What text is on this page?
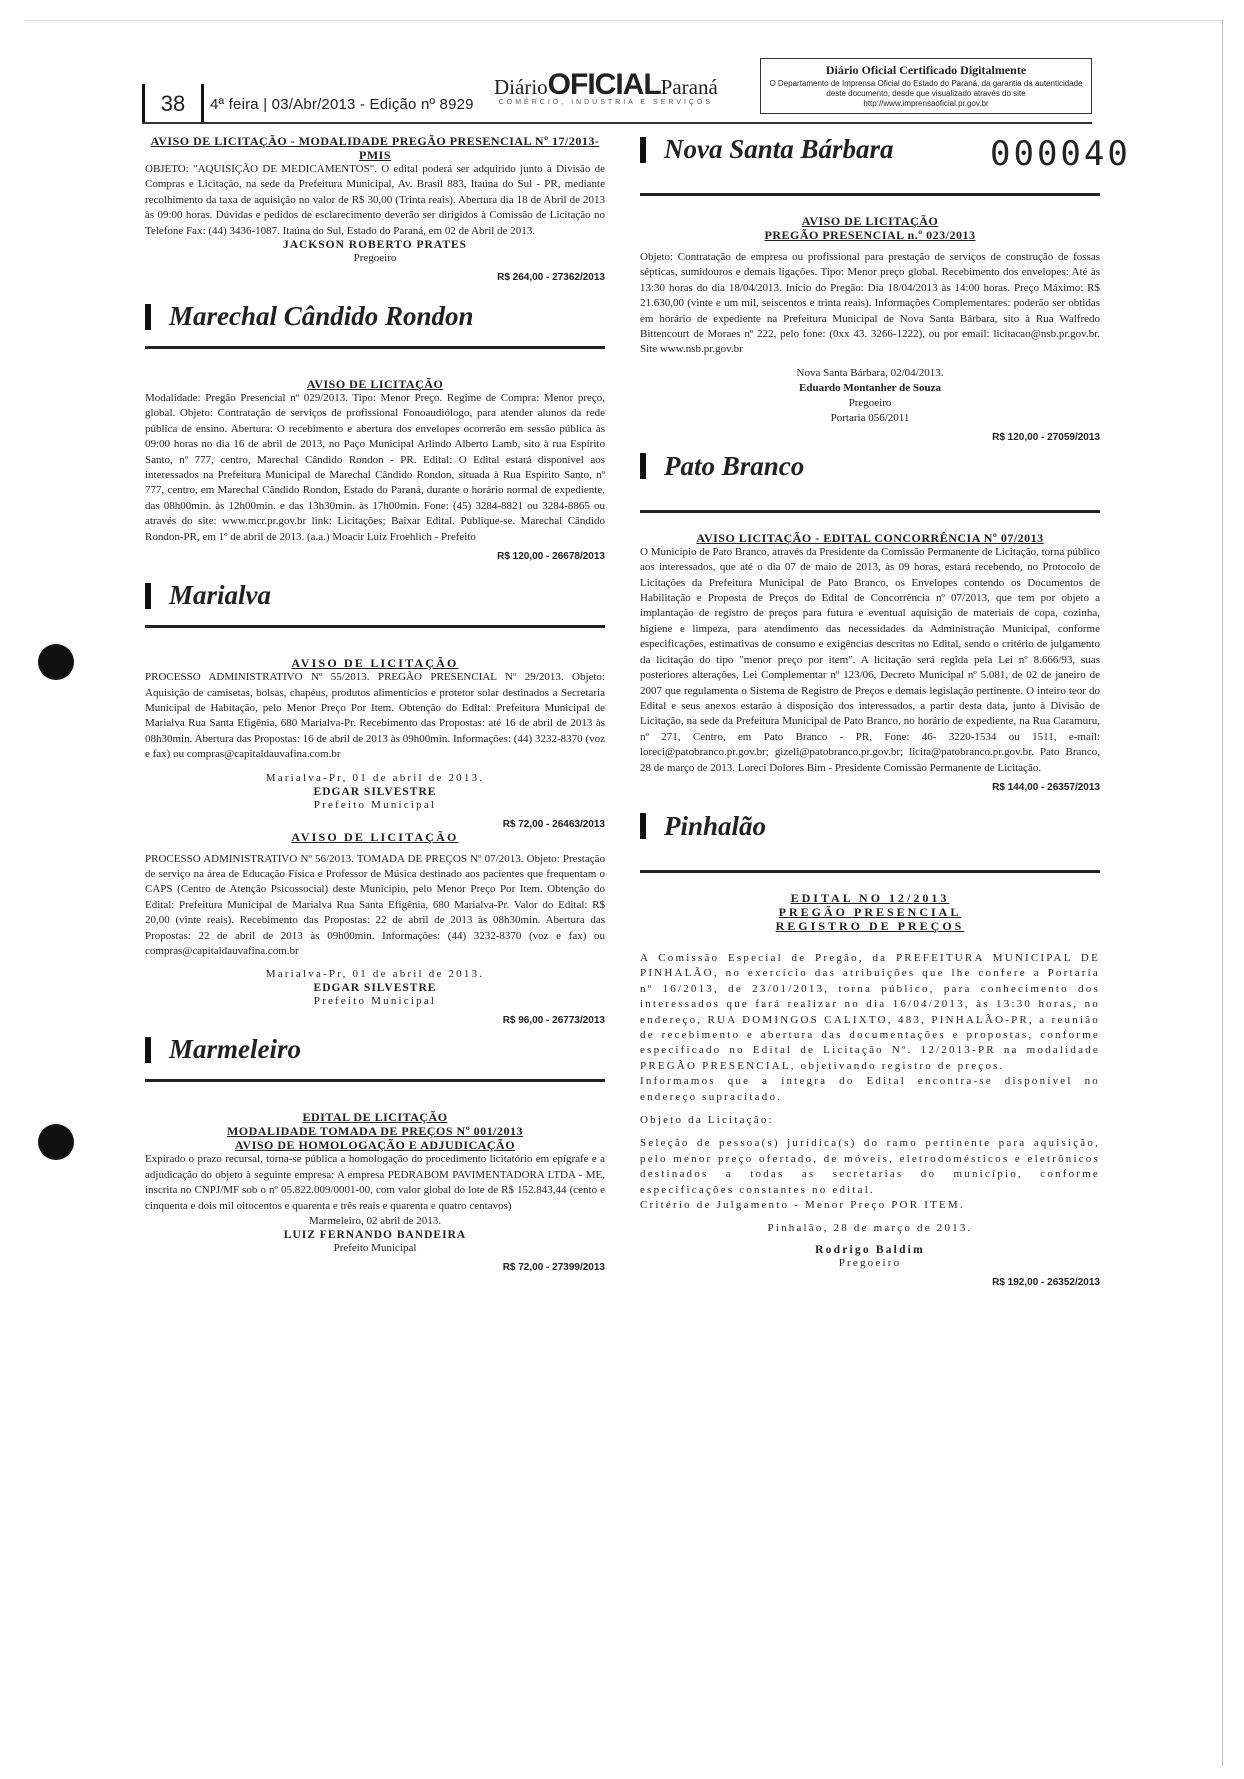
38	4ª feira | 03/Abr/2013 - Edição nº 8929
DiárioOFICIALParaná
COMÉRCIO, INDÚSTRIA E SERVIÇOS
Diário Oficial Certificado Digitalmente
O Departamento de Imprensa Oficial do Estado do Paraná, da garantia da autenticidade deste documento, desde que visualizado através do site http://www.imprensaoficial.pr.gov.br
000040
AVISO DE LICITAÇÃO - MODALIDADE PREGÃO PRESENCIAL Nº 17/2013-PMIS
OBJETO: "AQUISIÇÃO DE MEDICAMENTOS". O edital poderá ser adquirido junto à Divisão de Compras e Licitação, na sede da Prefeitura Municipal, Av. Brasil 883, Itaúna do Sul - PR, mediante recolhimento da taxa de aquisição no valor de R$ 30,00 (Trinta reais). Abertura dia 18 de Abril de 2013 às 09:00 horas. Dúvidas e pedidos de esclarecimento deverão ser dirigidos à Comissão de Licitação no Telefone Fax: (44) 3436-1087. Itaúna do Sul, Estado do Paraná, em 02 de Abril de 2013.
JACKSON ROBERTO PRATES
Pregoeiro
R$ 264,00 - 27362/2013
Marechal Cândido Rondon
AVISO DE LICITAÇÃO
Modalidade: Pregão Presencial nº 029/2013. Tipo: Menor Preço. Regime de Compra: Menor preço, global. Objeto: Contratação de serviços de profissional Fonoaudiólogo, para atender alunos da rede pública de ensino. Abertura: O recebimento e abertura dos envelopes ocorrerão em sessão pública às 09:00 horas no dia 16 de abril de 2013, no Paço Municipal Arlindo Alberto Lamb, sito à rua Espírito Santo, nº 777, centro, Marechal Cândido Rondon - PR. Edital: O Edital estará disponível aos interessados na Prefeitura Municipal de Marechal Cândido Rondon, situada à Rua Espírito Santo, nº 777, centro, em Marechal Cândido Rondon, Estado do Paraná, durante o horário normal de expediente, das 08h00min. às 12h00min. e das 13h30min. às 17h00min. Fone: (45) 3284-8821 ou 3284-8865 ou através do site: www.mcr.pr.gov.br link: Licitações; Baixar Edital. Publique-se. Marechal Cândido Rondon-PR, em 1º de abril de 2013. (a.a.) Moacir Luiz Froehlich - Prefeito
R$ 120,00 - 26678/2013
Marialva
AVISO DE LICITAÇÃO
PROCESSO ADMINISTRATIVO Nº 55/2013. PREGÃO PRESENCIAL Nº 29/2013. Objeto: Aquisição de camisetas, bolsas, chapéus, produtos alimentícios e protetor solar destinados a Secretaria Municipal de Habitação, pelo Menor Preço Por Item. Obtenção do Edital: Prefeitura Municipal de Marialva Rua Santa Efigênia, 680 Marialva-Pr. Recebimento das Propostas: até 16 de abril de 2013 às 08h30min. Abertura das Propostas: 16 de abril de 2013 às 09h00min. Informações: (44) 3232-8370 (voz e fax) ou compras@capitaldauvafina.com.br
Marialva-Pr, 01 de abril de 2013.
EDGAR SILVESTRE
Prefeito Municipal
R$ 72,00 - 26463/2013
AVISO DE LICITAÇÃO
PROCESSO ADMINISTRATIVO Nº 56/2013. TOMADA DE PREÇOS Nº 07/2013. Objeto: Prestação de serviço na área de Educação Física e Professor de Música destinado aos pacientes que frequentam o CAPS (Centro de Atenção Psicossocial) deste Município, pelo Menor Preço Por Item. Obtenção do Edital: Prefeitura Municipal de Marialva Rua Santa Efigênia, 680 Marialva-Pr. Valor do Edital: R$ 20,00 (vinte reais). Recebimento das Propostas: 22 de abril de 2013 às 08h30min. Abertura das Propostas: 22 de abril de 2013 às 09h00min. Informações: (44) 3232-8370 (voz e fax) ou compras@capitaldauvafina.com.br
Marialva-Pr, 01 de abril de 2013.
EDGAR SILVESTRE
Prefeito Municipal
R$ 96,00 - 26773/2013
Marmeleiro
EDITAL DE LICITAÇÃO
MODALIDADE TOMADA DE PREÇOS Nº 001/2013
AVISO DE HOMOLOGAÇÃO E ADJUDICAÇÃO
Expirado o prazo recursal, torna-se pública a homologação do procedimento licitatório em epígrafe e a adjudicação do objeto à seguinte empresa: A empresa PEDRABOM PAVIMENTADORA LTDA - ME, inscrita no CNPJ/MF sob o nº 05.822.009/0001-00, com valor global do lote de R$ 152.843,44 (cento e cinquenta e dois mil oitocentos e quarenta e três reais e quarenta e quatro centavos)
Marmeleiro, 02 abril de 2013.
LUIZ FERNANDO BANDEIRA
Prefeito Municipal
R$ 72,00 - 27399/2013
Nova Santa Bárbara
AVISO DE LICITAÇÃO
PREGÃO PRESENCIAL n.º 023/2013
Objeto: Contratação de empresa ou profissional para prestação de serviços de construção de fossas sépticas, sumidouros e demais ligações. Tipo: Menor preço global. Recebimento dos envelopes: Até às 13:30 horas do dia 18/04/2013. Início do Pregão: Dia 18/04/2013 às 14:00 horas. Preço Máximo: R$ 21.630,00 (vinte e um mil, seiscentos e trinta reais). Informações Complementares: poderão ser obtidas em horário de expediente na Prefeitura Municipal de Nova Santa Bárbara, sito à Rua Walfredo Bittencourt de Moraes nº 222, pelo fone: (0xx 43. 3266-1222), ou por email: licitacao@nsb.pr.gov.br. Site www.nsb.pr.gov.br
Nova Santa Bárbara, 02/04/2013.
Eduardo Montanher de Souza
Pregoeiro
Portaria 056/2011
R$ 120,00 - 27059/2013
Pato Branco
AVISO LICITAÇÃO - EDITAL CONCORRÊNCIA Nº 07/2013
O Município de Pato Branco, através da Presidente da Comissão Permanente de Licitação, torna público aos interessados, que até o dia 07 de maio de 2013, às 09 horas, estará recebendo, no Protocolo de Licitações da Prefeitura Municipal de Pato Branco, os Envelopes contendo os Documentos de Habilitação e Proposta de Preços do Edital de Concorrência nº 07/2013, que tem por objeto a implantação de registro de preços para futura e eventual aquisição de materiais de copa, cozinha, higiene e limpeza, para atendimento das necessidades da Administração Municipal, conforme especificações, estimativas de consumo e exigências descritas no Edital, sendo o critério de julgamento da licitação do tipo "menor preço por item". A licitação será regida pela Lei nº 8.666/93, suas posteriores alterações, Lei Complementar nº 123/06, Decreto Municipal nº 5.081, de 02 de janeiro de 2007 que regulamenta o Sistema de Registro de Preços e demais legislação pertinente. O inteiro teor do Edital e seus anexos estarão à disposição dos interessados, a partir desta data, junto à Divisão de Licitação, na sede da Prefeitura Municipal de Pato Branco, no horário de expediente, na Rua Caramuru, nº 271, Centro, em Pato Branco - PR, Fone: 46- 3220-1534 ou 1511, e-mail: loreci@patobranco.pr.gov.br; gizeli@patobranco.pr.gov.br; licita@patobranco.pr.gov.br. Pato Branco, 28 de março de 2013. Loreci Dolores Bim - Presidente Comissão Permanente de Licitação.
R$ 144,00 - 26357/2013
Pinhalão
EDITAL NO 12/2013
PREGÃO PRESENCIAL
REGISTRO DE PREÇOS
A Comissão Especial de Pregão, da PREFEITURA MUNICIPAL DE PINHALÃO, no exercício das atribuições que lhe confere a Portaria nº 16/2013, de 23/01/2013, torna público, para conhecimento dos interessados que fará realizar no dia 16/04/2013, às 13:30 horas, no endereço, RUA DOMINGOS CALIXTO, 483, PINHALÃO-PR, a reunião de recebimento e abertura das documentações e propostas, conforme especificado no Edital de Licitação Nº. 12/2013-PR na modalidade PREGÃO PRESENCIAL, objetivando registro de preços.
Informamos que a íntegra do Edital encontra-se disponível no endereço supracitado.
Objeto da Licitação:
Seleção de pessoa(s) jurídica(s) do ramo pertinente para aquisição, pelo menor preço ofertado, de móveis, eletrodomésticos e eletrônicos destinados a todas as secretarias do município, conforme especificações constantes no edital.
Critério de Julgamento - Menor Preço POR ITEM.
Pinhalão, 28 de março de 2013.
Rodrigo Baldim
Pregoeiro
R$ 192,00 - 26352/2013
